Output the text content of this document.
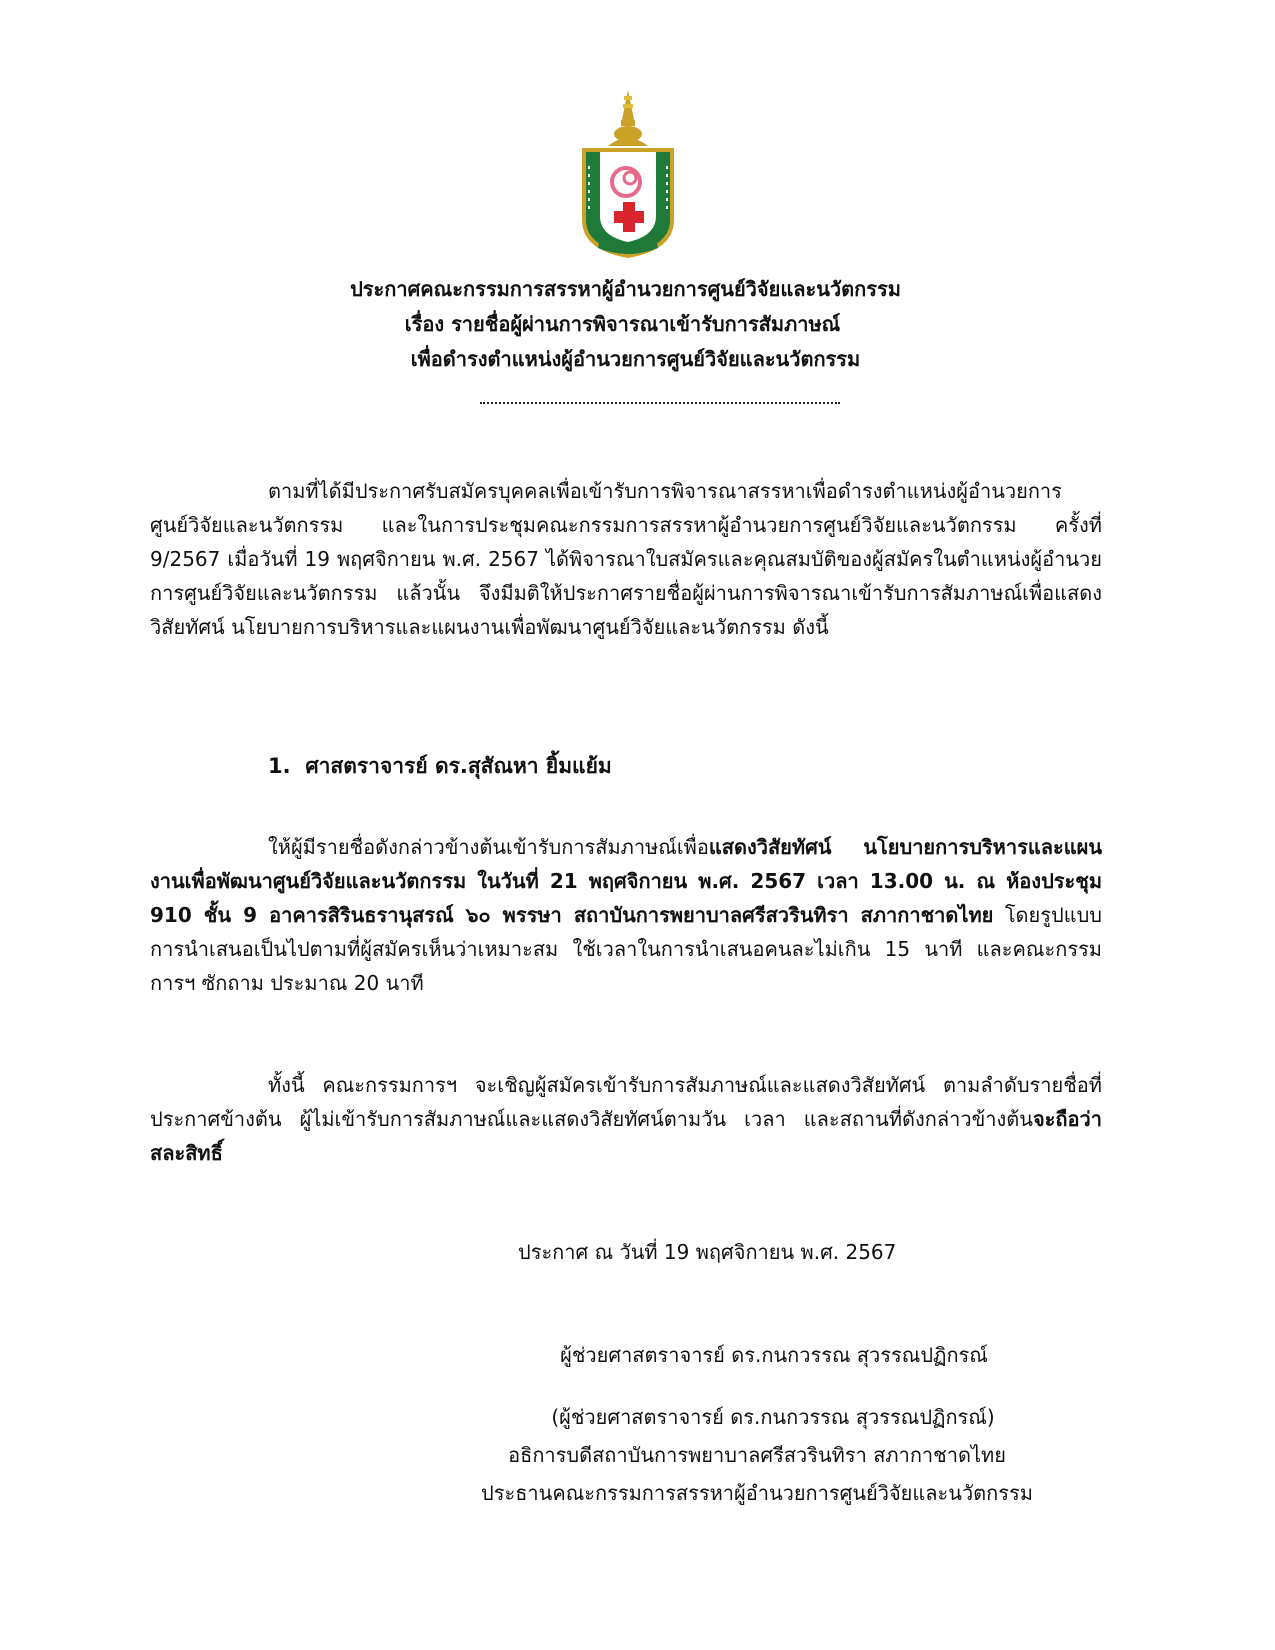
ประกาศคณะกรรมการสรรหาผู้อำนวยการศูนย์วิจัยและนวัตกรรม
เรื่อง รายชื่อผู้ผ่านการพิจารณาเข้ารับการสัมภาษณ์
เพื่อดำรงตำแหน่งผู้อำนวยการศูนย์วิจัยและนวัตกรรม
ตามที่ได้มีประกาศรับสมัครบุคคลเพื่อเข้ารับการพิจารณาสรรหาเพื่อดำรงตำแหน่งผู้อำนวยการศูนย์วิจัยและนวัตกรรม และในการประชุมคณะกรรมการสรรหาผู้อำนวยการศูนย์วิจัยและนวัตกรรม ครั้งที่ 9/2567 เมื่อวันที่ 19 พฤศจิกายน พ.ศ. 2567 ได้พิจารณาใบสมัครและคุณสมบัติของผู้สมัครในตำแหน่งผู้อำนวยการศูนย์วิจัยและนวัตกรรม แล้วนั้น จึงมีมติให้ประกาศรายชื่อผู้ผ่านการพิจารณาเข้ารับการสัมภาษณ์เพื่อแสดงวิสัยทัศน์ นโยบายการบริหารและแผนงานเพื่อพัฒนาศูนย์วิจัยและนวัตกรรม ดังนี้
1. ศาสตราจารย์ ดร.สุสัณหา ยิ้มแย้ม
ให้ผู้มีรายชื่อดังกล่าวข้างต้นเข้ารับการสัมภาษณ์เพื่อแสดงวิสัยทัศน์ นโยบายการบริหารและแผนงานเพื่อพัฒนาศูนย์วิจัยและนวัตกรรม ในวันที่ 21 พฤศจิกายน พ.ศ. 2567 เวลา 13.00 น. ณ ห้องประชุม 910 ชั้น 9 อาคารสิรินธรานุสรณ์ ๖๐ พรรษา สถาบันการพยาบาลศรีสวรินทิรา สภากาชาดไทย โดยรูปแบบการนำเสนอเป็นไปตามที่ผู้สมัครเห็นว่าเหมาะสม ใช้เวลาในการนำเสนอคนละไม่เกิน 15 นาที และคณะกรรมการฯ ซักถาม ประมาณ 20 นาที
ทั้งนี้ คณะกรรมการฯ จะเชิญผู้สมัครเข้ารับการสัมภาษณ์และแสดงวิสัยทัศน์ ตามลำดับรายชื่อที่ประกาศข้างต้น ผู้ไม่เข้ารับการสัมภาษณ์และแสดงวิสัยทัศน์ตามวัน เวลา และสถานที่ดังกล่าวข้างต้นจะถือว่าสละสิทธิ์
ประกาศ ณ วันที่ 19 พฤศจิกายน พ.ศ. 2567
ผู้ช่วยศาสตราจารย์ ดร.กนกวรรณ สุวรรณปฏิกรณ์
(ผู้ช่วยศาสตราจารย์ ดร.กนกวรรณ สุวรรณปฏิกรณ์)
อธิการบดีสถาบันการพยาบาลศรีสวรินทิรา สภากาชาดไทย
ประธานคณะกรรมการสรรหาผู้อำนวยการศูนย์วิจัยและนวัตกรรม
